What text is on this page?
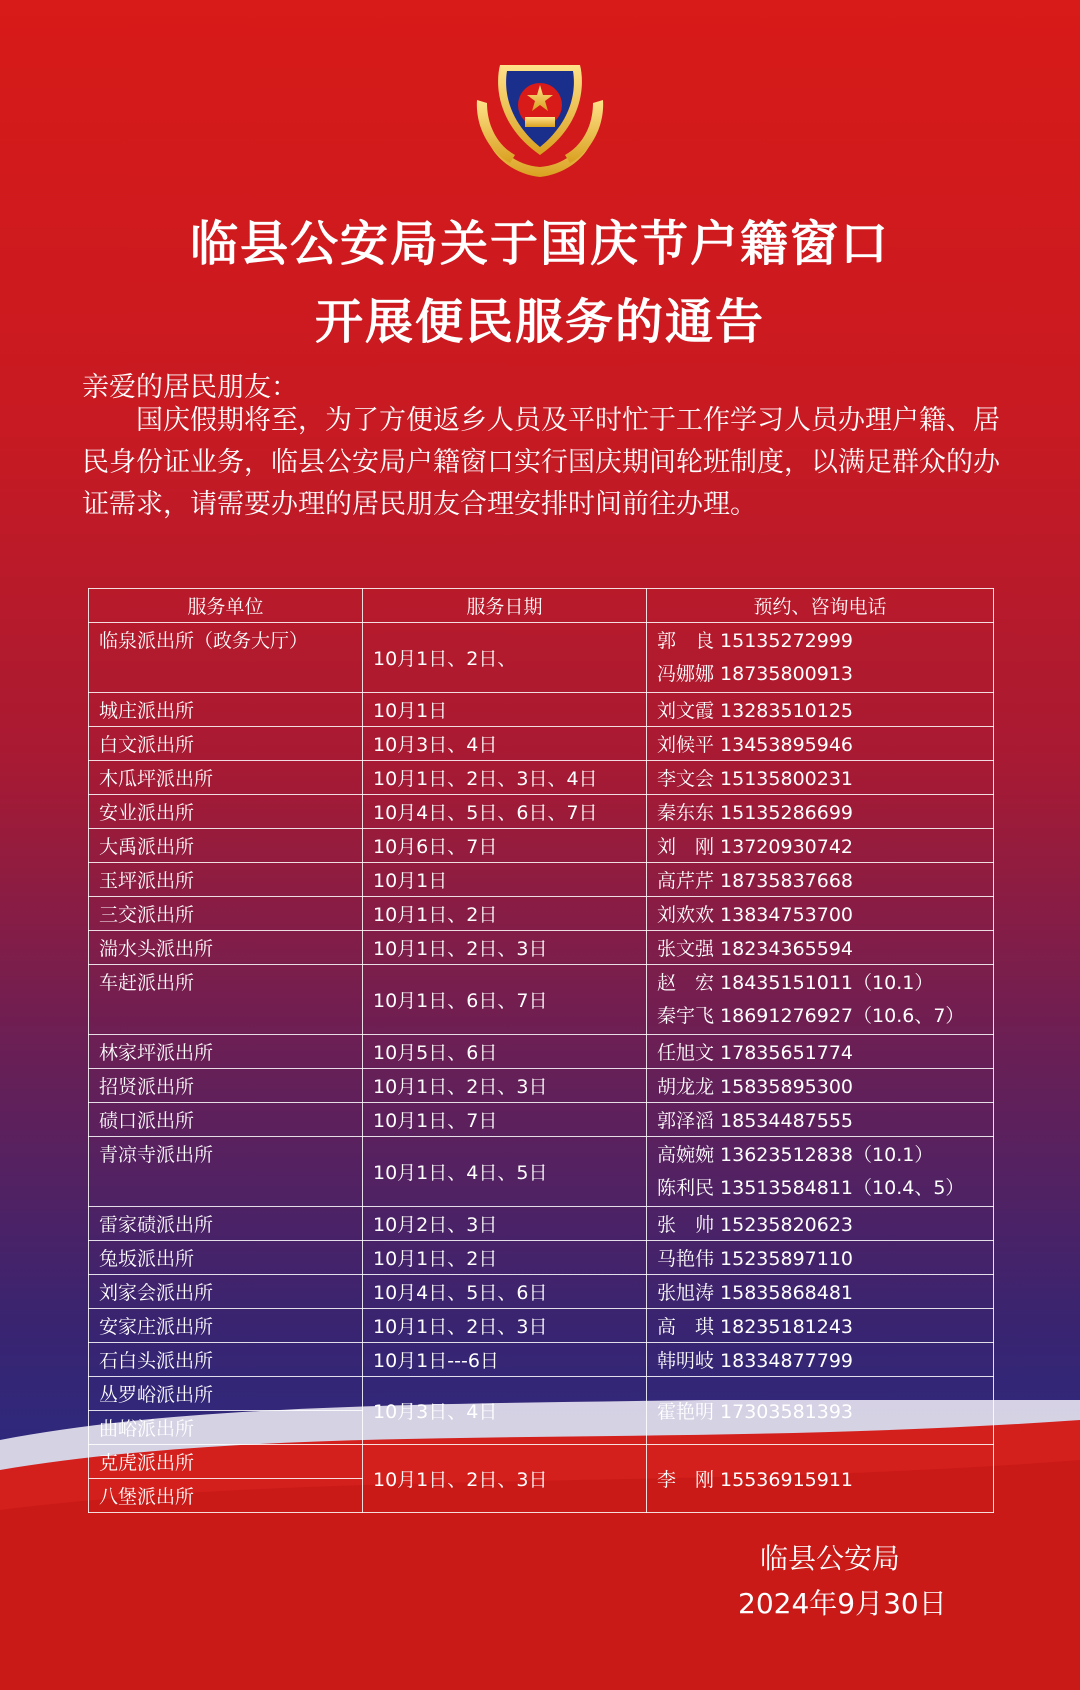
临县公安局关于国庆节户籍窗口
开展便民服务的通告
亲爱的居民朋友：
国庆假期将至，为了方便返乡人员及平时忙于工作学习人员办理户籍、居民身份证业务，临县公安局户籍窗口实行国庆期间轮班制度，以满足群众的办证需求，请需要办理的居民朋友合理安排时间前往办理。
服务单位	服务日期	预约、咨询电话
临泉派出所（政务大厅）	10月1日、2日、	郭　良 15135272999
冯娜娜 18735800913

城庄派出所	10月1日	刘文霞 13283510125
白文派出所	10月3日、4日	刘候平 13453895946
木瓜坪派出所	10月1日、2日、3日、4日	李文会 15135800231
安业派出所	10月4日、5日、6日、7日	秦东东 15135286699
大禹派出所	10月6日、7日	刘　刚 13720930742
玉坪派出所	10月1日	高芹芹 18735837668
三交派出所	10月1日、2日	刘欢欢 13834753700
湍水头派出所	10月1日、2日、3日	张文强 18234365594
车赶派出所	10月1日、6日、7日	赵　宏 18435151011（10.1）
秦宇飞 18691276927（10.6、7）

林家坪派出所	10月5日、6日	任旭文 17835651774
招贤派出所	10月1日、2日、3日	胡龙龙 15835895300
碛口派出所	10月1日、7日	郭泽滔 18534487555
青凉寺派出所	10月1日、4日、5日	高婉婉 13623512838（10.1）
陈利民 13513584811（10.4、5）

雷家碛派出所	10月2日、3日	张　帅 15235820623
兔坂派出所	10月1日、2日	马艳伟 15235897110
刘家会派出所	10月4日、5日、6日	张旭涛 15835868481
安家庄派出所	10月1日、2日、3日	高　琪 18235181243
石白头派出所	10月1日---6日	韩明岐 18334877799
丛罗峪派出所	10月3日、4日	霍艳明 17303581393
曲峪派出所		
克虎派出所	10月1日、2日、3日	李　刚 15536915911
八堡派出所		
临县公安局
2024年9月30日
